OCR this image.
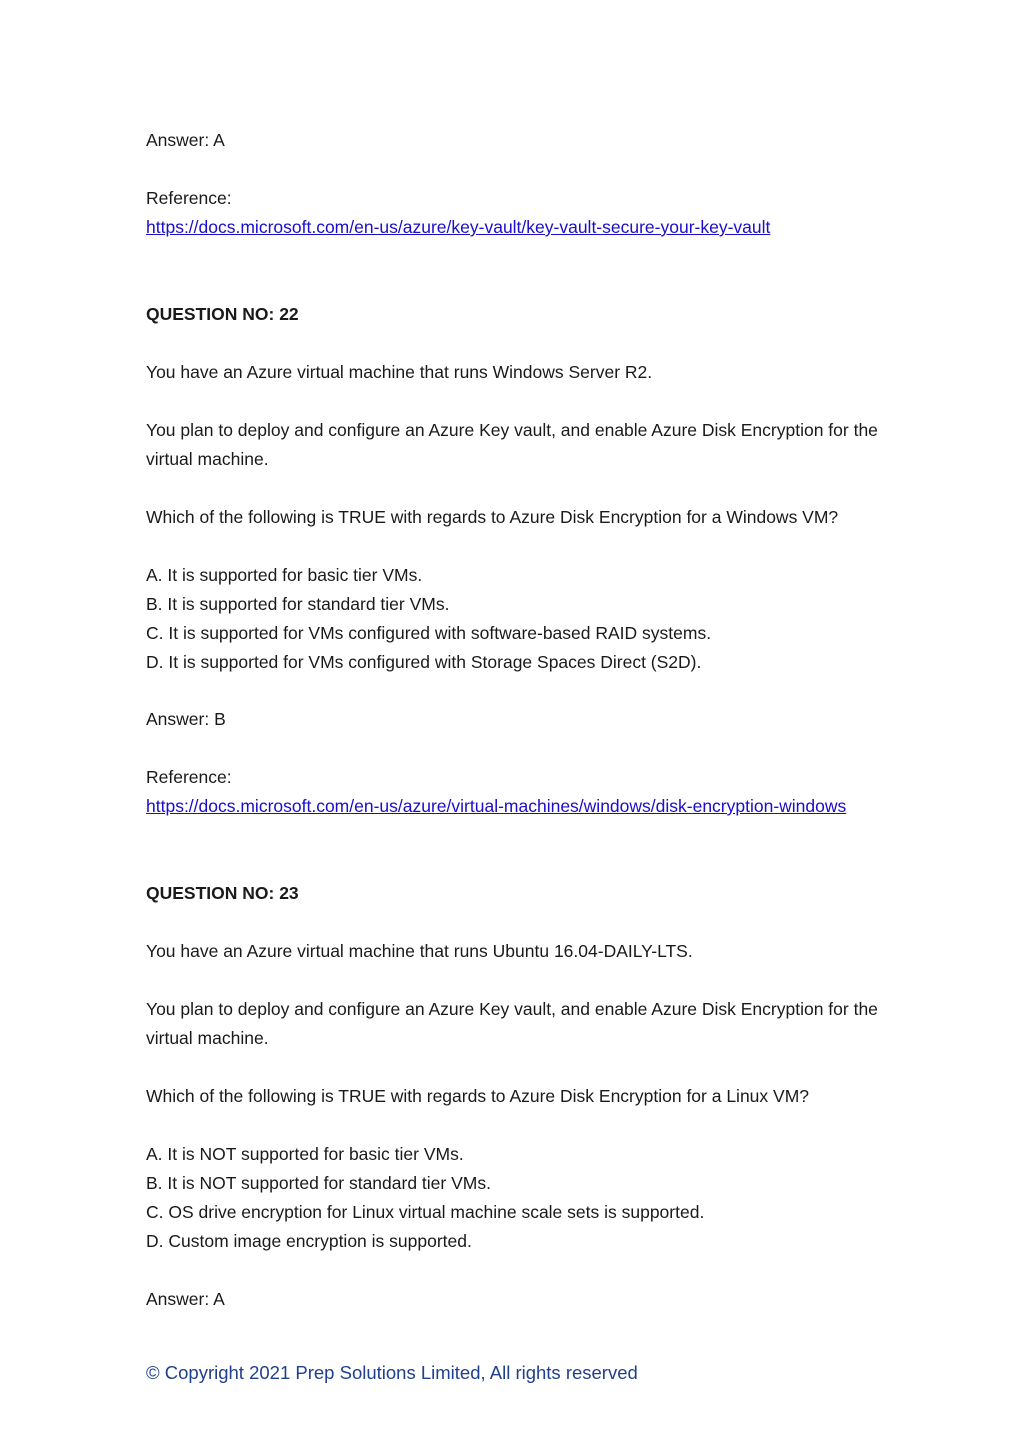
Answer: A

Reference:

https://docs.microsoft.com/en-us/azure/key-vault/key-vault-secure-your-key-vault

QUESTION NO: 22

You have an Azure virtual machine that runs Windows Server R2.

You plan to deploy and configure an Azure Key vault, and enable Azure Disk Encryption for the

virtual machine.

Which of the following is TRUE with regards to Azure Disk Encryption for a Windows VM?

A. It is supported for basic tier VMs.

B. It is supported for standard tier VMs.

C. It is supported for VMs configured with software-based RAID systems.

D. It is supported for VMs configured with Storage Spaces Direct (S2D).

Answer: B

Reference:

https://docs.microsoft.com/en-us/azure/virtual-machines/windows/disk-encryption-windows

QUESTION NO: 23

You have an Azure virtual machine that runs Ubuntu 16.04-DAILY-LTS.

You plan to deploy and configure an Azure Key vault, and enable Azure Disk Encryption for the

virtual machine.

Which of the following is TRUE with regards to Azure Disk Encryption for a Linux VM?

A. It is NOT supported for basic tier VMs.

B. It is NOT supported for standard tier VMs.

C. OS drive encryption for Linux virtual machine scale sets is supported.

D. Custom image encryption is supported.

Answer: A

© Copyright 2021 Prep Solutions Limited, All rights reserved
